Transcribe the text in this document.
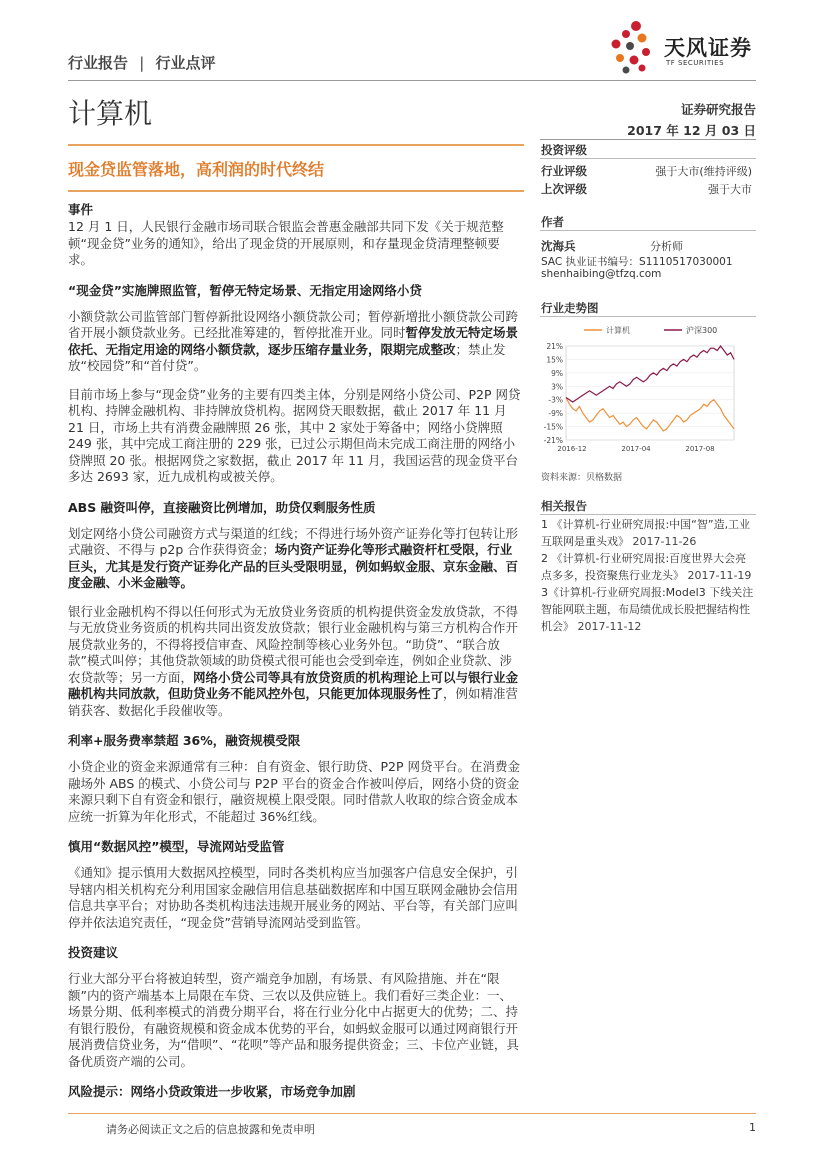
行业报告 | 行业点评
天风证券
TF SECURITIES
计算机	证券研究报告
2017 年 12 月 03 日
现金贷监管落地，高利润的时代终结
投资评级
行业评级	强于大市(维持评级)
上次评级	强于大市
作者
沈海兵	分析师
SAC 执业证书编号：S1110517030001
shenhaibing@tfzq.com
行业走势图
计算机	沪深300
21%
15%
9%
3%
-3%
-9%
-15%
-21%
2016-12	2017-04	2017-08
资料来源：贝格数据
相关报告
1 《计算机-行业研究周报:中国“智”造,工业互联网是重头戏》 2017-11-26
2 《计算机-行业研究周报:百度世界大会亮点多多，投资聚焦行业龙头》 2017-11-19
3《计算机-行业研究周报:Model3 下线关注智能网联主题，布局绩优成长股把握结构性机会》 2017-11-12
事件
12 月 1 日，人民银行金融市场司联合银监会普惠金融部共同下发《关于规范整顿“现金贷”业务的通知》，给出了现金贷的开展原则，和存量现金贷清理整顿要求。
“现金贷”实施牌照监管，暂停无特定场景、无指定用途网络小贷
小额贷款公司监管部门暂停新批设网络小额贷款公司；暂停新增批小额贷款公司跨省开展小额贷款业务。已经批准筹建的，暂停批准开业。同时暂停发放无特定场景依托、无指定用途的网络小额贷款，逐步压缩存量业务，限期完成整改；禁止发放“校园贷”和“首付贷”。
目前市场上参与“现金贷”业务的主要有四类主体，分别是网络小贷公司、P2P 网贷机构、持牌金融机构、非持牌放贷机构。据网贷天眼数据，截止 2017 年 11 月 21 日，市场上共有消费金融牌照 26 张，其中 2 家处于筹备中；网络小贷牌照 249 张，其中完成工商注册的 229 张，已过公示期但尚未完成工商注册的网络小贷牌照 20 张。根据网贷之家数据，截止 2017 年 11 月，我国运营的现金贷平台多达 2693 家，近九成机构或被关停。
ABS 融资叫停，直接融资比例增加，助贷仅剩服务性质
划定网络小贷公司融资方式与渠道的红线；不得进行场外资产证券化等打包转让形式融资、不得与 p2p 合作获得资金；场内资产证券化等形式融资杆杠受限，行业巨头，尤其是发行资产证券化产品的巨头受限明显，例如蚂蚁金服、京东金融、百度金融、小米金融等。
银行业金融机构不得以任何形式为无放贷业务资质的机构提供资金发放贷款，不得与无放贷业务资质的机构共同出资发放贷款；银行业金融机构与第三方机构合作开展贷款业务的，不得将授信审查、风险控制等核心业务外包。“助贷”、“联合放款”模式叫停；其他贷款领域的助贷模式很可能也会受到牵连，例如企业贷款、涉农贷款等；另一方面，网络小贷公司等具有放贷资质的机构理论上可以与银行业金融机构共同放款，但助贷业务不能风控外包，只能更加体现服务性了，例如精准营销获客、数据化手段催收等。
利率+服务费率禁超 36%，融资规模受限
小贷企业的资金来源通常有三种：自有资金、银行助贷、P2P 网贷平台。在消费金融场外 ABS 的模式、小贷公司与 P2P 平台的资金合作被叫停后，网络小贷的资金来源只剩下自有资金和银行，融资规模上限受限。同时借款人收取的综合资金成本应统一折算为年化形式，不能超过 36%红线。
慎用“数据风控”模型，导流网站受监管
《通知》提示慎用大数据风控模型，同时各类机构应当加强客户信息安全保护，引导辖内相关机构充分利用国家金融信用信息基础数据库和中国互联网金融协会信用信息共享平台；对协助各类机构违法违规开展业务的网站、平台等，有关部门应叫停并依法追究责任，“现金贷”营销导流网站受到监管。
投资建议
行业大部分平台将被迫转型，资产端竞争加剧，有场景、有风险措施、并在“限额”内的资产端基本上局限在车贷、三农以及供应链上。我们看好三类企业：一、场景分期、低利率模式的消费分期平台，将在行业分化中占据更大的优势；二、持有银行股份，有融资规模和资金成本优势的平台，如蚂蚁金服可以通过网商银行开展消费信贷业务，为“借呗”、“花呗”等产品和服务提供资金；三、卡位产业链，具备优质资产端的公司。
风险提示：网络小贷政策进一步收紧，市场竞争加剧
请务必阅读正文之后的信息披露和免责申明	1
